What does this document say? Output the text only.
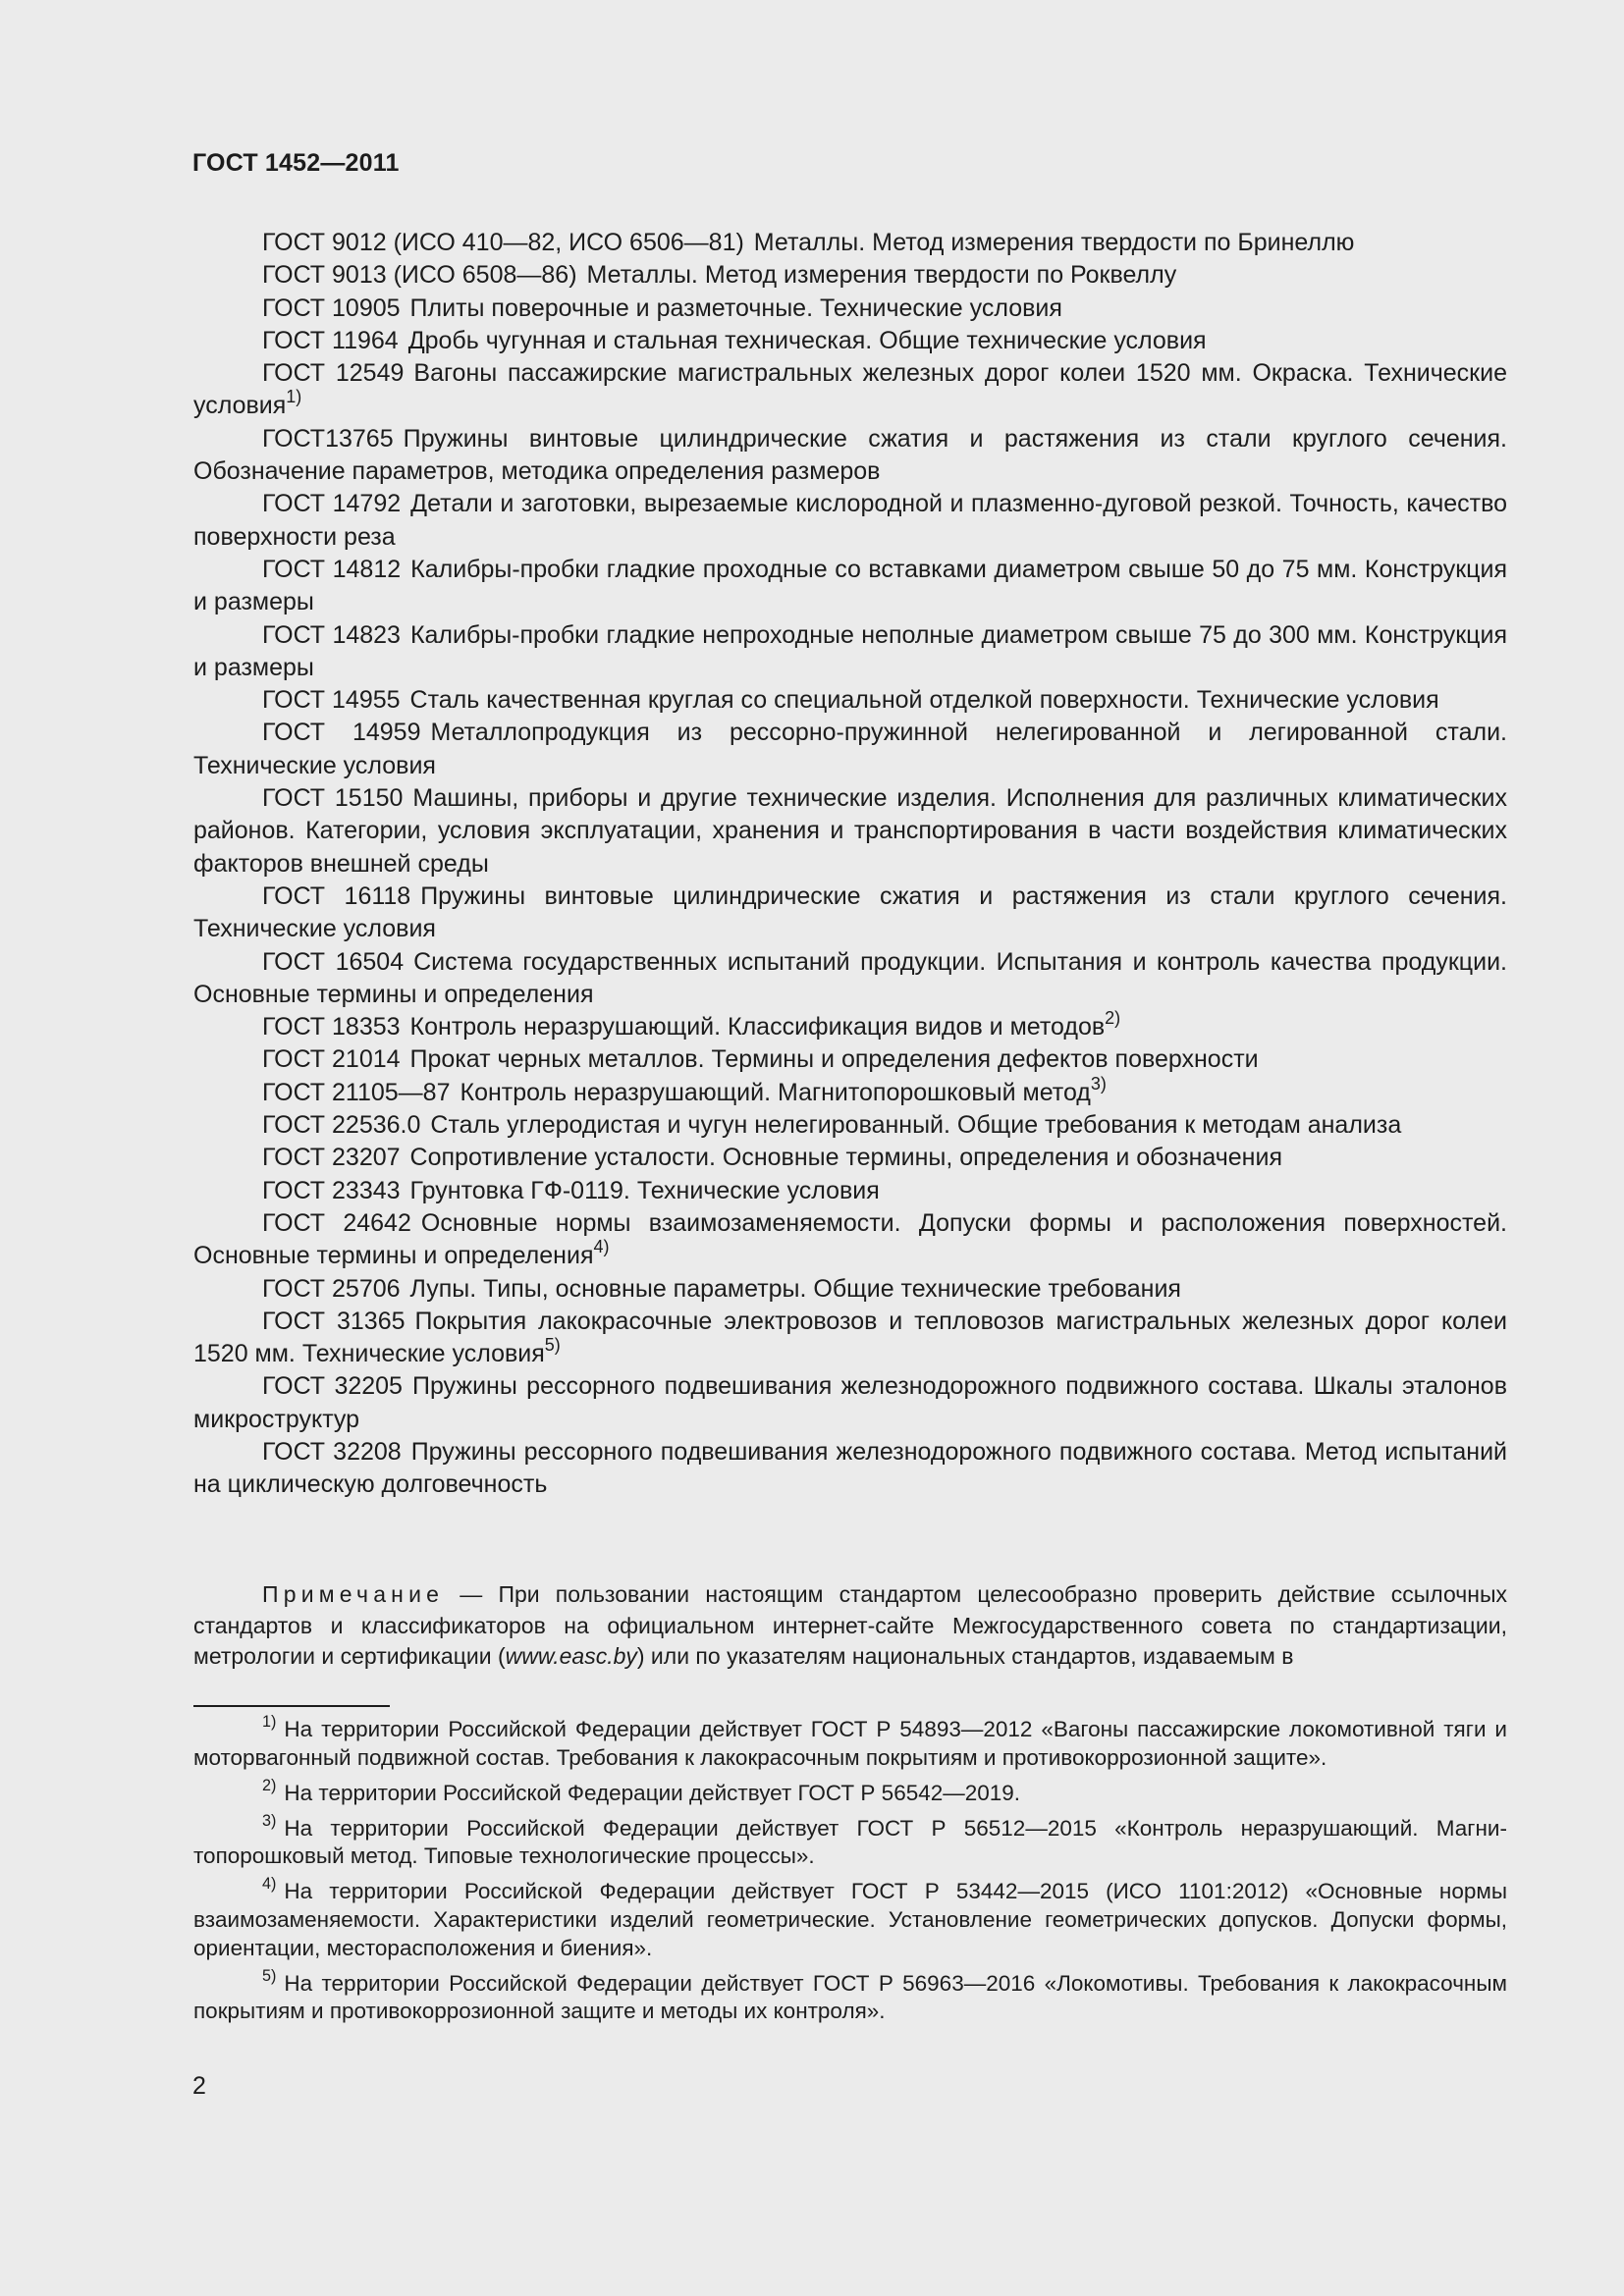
ГОСТ 1452—2011

ГОСТ 9012 (ИСО 410—82, ИСО 6506—81) Металлы. Метод измерения твердости по Бринеллю

ГОСТ 9013 (ИСО 6508—86) Металлы. Метод измерения твердости по Роквеллу

ГОСТ 10905 Плиты поверочные и разметочные. Технические условия

ГОСТ 11964 Дробь чугунная и стальная техническая. Общие технические условия

ГОСТ 12549 Вагоны пассажирские магистральных железных дорог колеи 1520 мм. Окраска. Технические условия$^{1)}$

ГОСТ13765 Пружины винтовые цилиндрические сжатия и растяжения из стали круглого сечения. Обозначение параметров, методика определения размеров

ГОСТ 14792 Детали и заготовки, вырезаемые кислородной и плазменно-дуговой резкой. Точность, качество поверхности реза

ГОСТ 14812 Калибры-пробки гладкие проходные со вставками диаметром свыше 50 до 75 мм. Конструкция и размеры

ГОСТ 14823 Калибры-пробки гладкие непроходные неполные диаметром свыше 75 до 300 мм. Конструкция и размеры

ГОСТ 14955 Сталь качественная круглая со специальной отделкой поверхности. Технические условия

ГОСТ 14959 Металлопродукция из рессорно-пружинной нелегированной и легированной стали. Технические условия

ГОСТ 15150 Машины, приборы и другие технические изделия. Исполнения для различных климатических районов. Категории, условия эксплуатации, хранения и транспортирования в части воздействия климатических факторов внешней среды

ГОСТ 16118 Пружины винтовые цилиндрические сжатия и растяжения из стали круглого сечения. Технические условия

ГОСТ 16504 Система государственных испытаний продукции. Испытания и контроль качества продукции. Основные термины и определения

ГОСТ 18353 Контроль неразрушающий. Классификация видов и методов$^{2)}$

ГОСТ 21014 Прокат черных металлов. Термины и определения дефектов поверхности

ГОСТ 21105—87 Контроль неразрушающий. Магнитопорошковый метод$^{3)}$

ГОСТ 22536.0 Сталь углеродистая и чугун нелегированный. Общие требования к методам анализа

ГОСТ 23207 Сопротивление усталости. Основные термины, определения и обозначения

ГОСТ 23343 Грунтовка ГФ-0119. Технические условия

ГОСТ 24642 Основные нормы взаимозаменяемости. Допуски формы и расположения поверхностей. Основные термины и определения$^{4)}$

ГОСТ 25706 Лупы. Типы, основные параметры. Общие технические требования

ГОСТ 31365 Покрытия лакокрасочные электровозов и тепловозов магистральных железных дорог колеи 1520 мм. Технические условия$^{5)}$

ГОСТ 32205 Пружины рессорного подвешивания железнодорожного подвижного состава. Шкалы эталонов микроструктур

ГОСТ 32208 Пружины рессорного подвешивания железнодорожного подвижного состава. Метод испытаний на циклическую долговечность

Примечание — При пользовании настоящим стандартом целесообразно проверить действие ссылочных стандартов и классификаторов на официальном интернет-сайте Межгосударственного совета по стандартизации, метрологии и сертификации (www.easc.by) или по указателям национальных стандартов, издаваемым в

$^{1)}$ На территории Российской Федерации действует ГОСТ Р 54893—2012 «Вагоны пассажирские локомотивной тяги и моторвагонный подвижной состав. Требования к лакокрасочным покрытиям и противокоррозионной защите».

$^{2)}$ На территории Российской Федерации действует ГОСТ Р 56542—2019.

$^{3)}$ На территории Российской Федерации действует ГОСТ Р 56512—2015 «Контроль неразрушающий. Магнитопорошковый метод. Типовые технологические процессы».

$^{4)}$ На территории Российской Федерации действует ГОСТ Р 53442—2015 (ИСО 1101:2012) «Основные нормы взаимозаменяемости. Характеристики изделий геометрические. Установление геометрических допусков. Допуски формы, ориентации, месторасположения и биения».

$^{5)}$ На территории Российской Федерации действует ГОСТ Р 56963—2016 «Локомотивы. Требования к лакокрасочным покрытиям и противокоррозионной защите и методы их контроля».

2
